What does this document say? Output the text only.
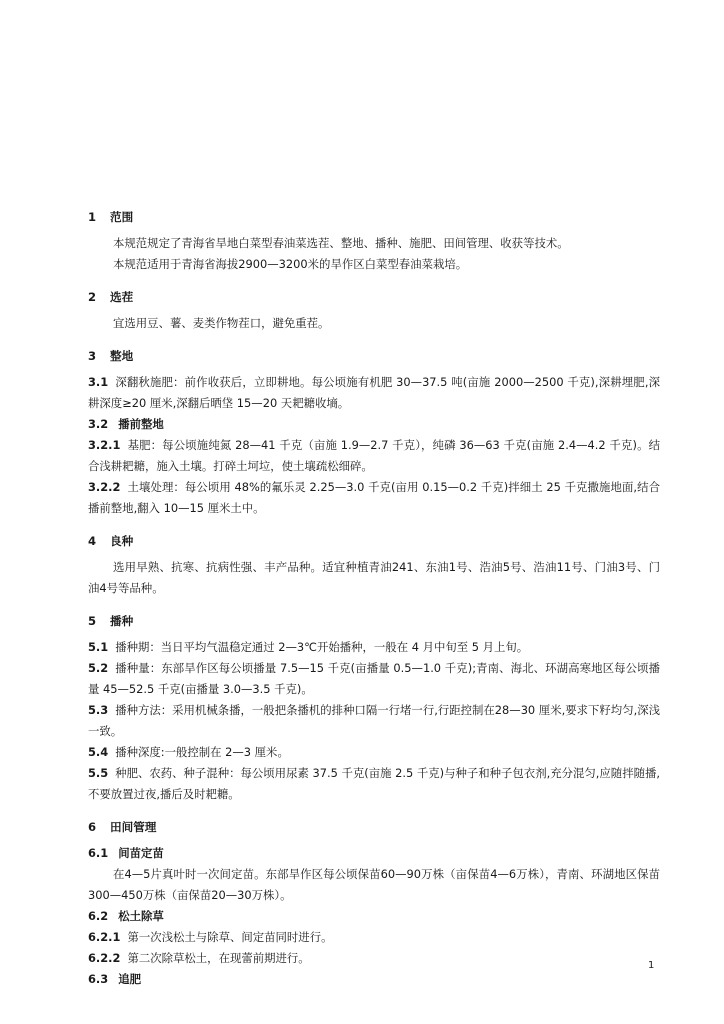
1 范围
本规范规定了青海省旱地白菜型春油菜选茬、整地、播种、施肥、田间管理、收获等技术。
本规范适用于青海省海拔2900—3200米的旱作区白菜型春油菜栽培。
2 选茬
宜选用豆、薯、麦类作物茬口，避免重茬。
3 整地
3.1 深翻秋施肥：前作收获后，立即耕地。每公顷施有机肥 30—37.5 吨(亩施 2000—2500 千克),深耕埋肥,深耕深度≥20 厘米,深翻后晒垡 15—20 天耙耱收墒。
3.2 播前整地
3.2.1 基肥：每公顷施纯氮 28—41 千克（亩施 1.9—2.7 千克），纯磷 36—63 千克(亩施 2.4—4.2 千克)。结合浅耕耙耱，施入土壤。打碎土坷垃，使土壤疏松细碎。
3.2.2 土壤处理：每公顷用 48%的氟乐灵 2.25—3.0 千克(亩用 0.15—0.2 千克)拌细土 25 千克撒施地面,结合播前整地,翻入 10—15 厘米土中。
4 良种
选用早熟、抗寒、抗病性强、丰产品种。适宜种植青油241、东油1号、浩油5号、浩油11号、门油3号、门油4号等品种。
5 播种
5.1 播种期：当日平均气温稳定通过 2—3℃开始播种，一般在 4 月中旬至 5 月上旬。
5.2 播种量：东部旱作区每公顷播量 7.5—15 千克(亩播量 0.5—1.0 千克);青南、海北、环湖高寒地区每公顷播量 45—52.5 千克(亩播量 3.0—3.5 千克)。
5.3 播种方法：采用机械条播，一般把条播机的排种口隔一行堵一行,行距控制在28—30 厘米,要求下籽均匀,深浅一致。
5.4 播种深度:一般控制在 2—3 厘米。
5.5 种肥、农药、种子混种：每公顷用尿素 37.5 千克(亩施 2.5 千克)与种子和种子包衣剂,充分混匀,应随拌随播,不要放置过夜,播后及时耙耱。
6 田间管理
6.1 间苗定苗
在4—5片真叶时一次间定苗。东部旱作区每公顷保苗60—90万株（亩保苗4—6万株），青南、环湖地区保苗300—450万株（亩保苗20—30万株）。
6.2 松土除草
6.2.1 第一次浅松土与除草、间定苗同时进行。
6.2.2 第二次除草松土，在现蕾前期进行。
6.3 追肥
1
